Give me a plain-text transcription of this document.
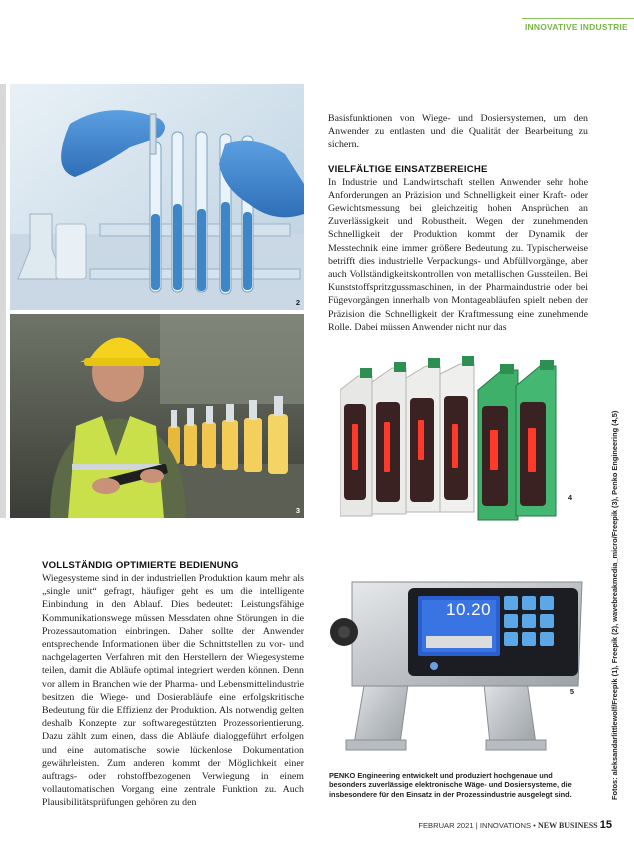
INNOVATIVE INDUSTRIE
2
3

Basisfunktionen von Wiege- und Dosiersystemen, um den Anwender zu entlasten und die Qualität der Bearbeitung zu sichern.

VIELFÄLTIGE EINSATZBEREICHE

In Industrie und Landwirtschaft stellen Anwender sehr hohe Anforderungen an Präzision und Schnelligkeit einer Kraft- oder Gewichtsmessung bei gleichzeitig hohen Ansprüchen an Zuverlässigkeit und Robustheit. Wegen der zunehmenden Schnelligkeit der Produktion kommt der Dynamik der Messtechnik eine immer größere Bedeutung zu. Typischerweise betrifft dies industrielle Verpackungs- und Abfüllvorgänge, aber auch Vollständigkeitskontrollen von metallischen Gussteilen. Bei Kunststoffspritzgussmaschinen, in der Pharmaindustrie oder bei Fügevorgängen innerhalb von Montageabläufen spielt neben der Präzision die Schnelligkeit der Kraftmessung eine zunehmende Rolle. Dabei müssen Anwender nicht nur das

4
10.20
5

VOLLSTÄNDIG OPTIMIERTE BEDIENUNG

Wiegesysteme sind in der industriellen Produktion kaum mehr als „single unit“ gefragt, häufiger geht es um die intelligente Einbindung in den Ablauf. Dies bedeutet: Leistungsfähige Kommunikationswege müssen Messdaten ohne Störungen in die Prozessautomation einbringen. Daher sollte der Anwender entsprechende Informationen über die Schnittstellen zu vor- und nachgelagerten Verfahren mit den Herstellern der Wiegesysteme teilen, damit die Abläufe optimal integriert werden können. Denn vor allem in Branchen wie der Pharma- und Lebensmittelindustrie besitzen die Wiege- und Dosierabläufe eine erfolgskritische Bedeutung für die Effizienz der Produktion. Als notwendig gelten deshalb Konzepte zur softwaregestützten Prozessorientierung. Dazu zählt zum einen, dass die Abläufe dialoggeführt erfolgen und eine automatische sowie lückenlose Dokumentation gewährleisten. Zum anderen kommt der Möglichkeit einer auftrags- oder rohstoffbezogenen Verwiegung in einem vollautomatischen Vorgang eine zentrale Funktion zu. Auch Plausibilitätsprüfungen gehören zu den

PENKO Engineering entwickelt und produziert hochgenaue und besonders zuverlässige elektronische Wäge- und Dosiersysteme, die insbesondere für den Einsatz in der Prozessindustrie ausgelegt sind.	Fotos: aleksandarlittlewolf/Freepik (1), Freepik (2), wavebreakmedia_micro/Freepik (3), Penko Engineering (4,5)
FEBRUAR 2021 | INNOVATIONS • NEW BUSINESS 15
